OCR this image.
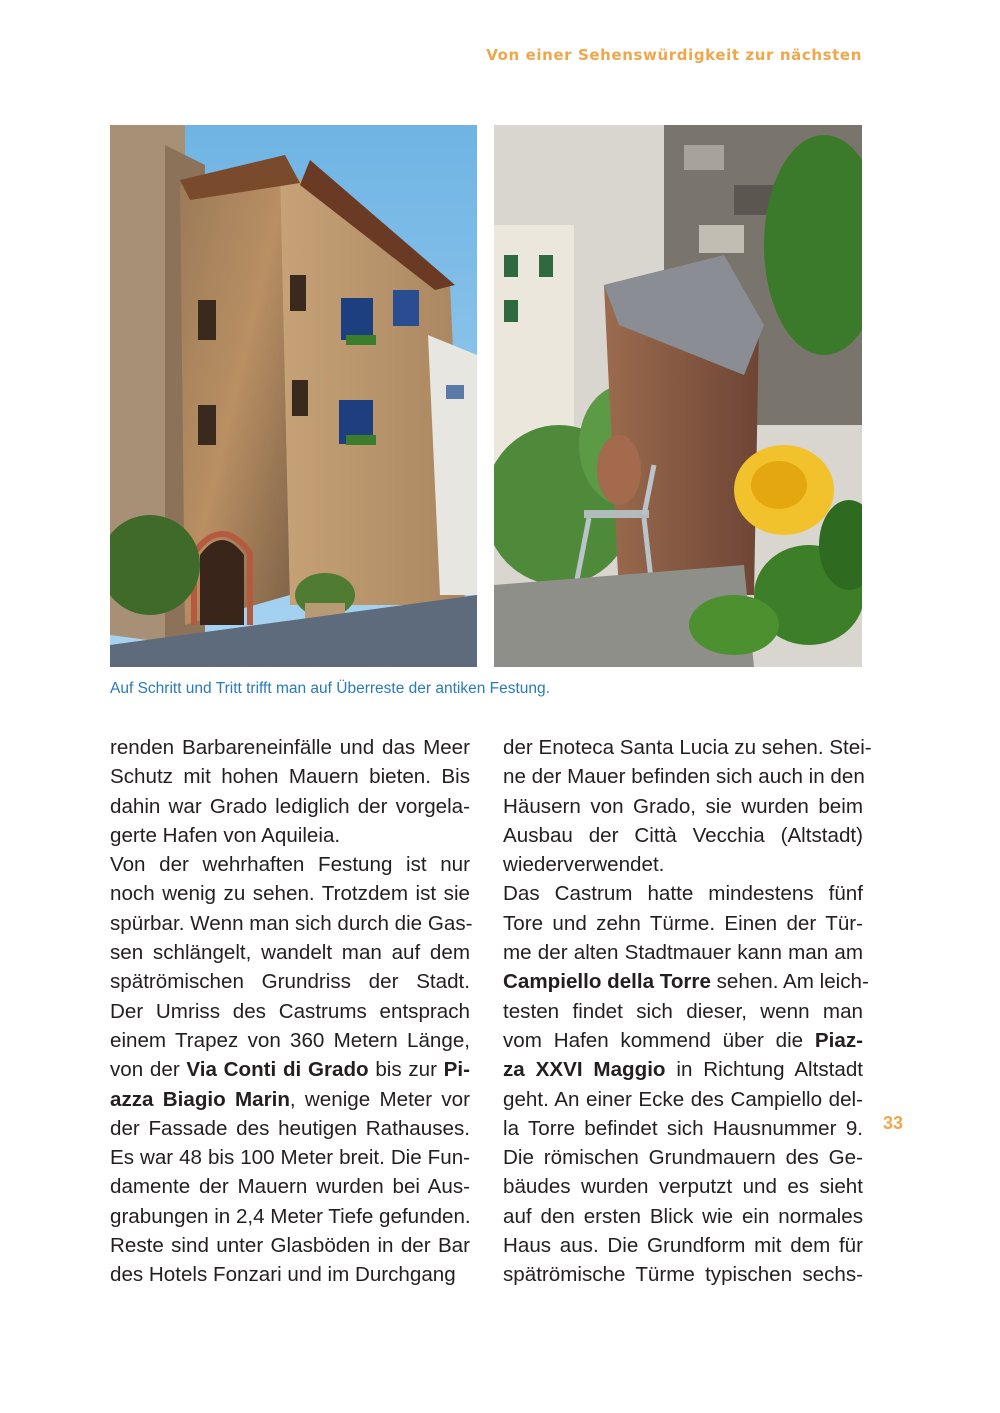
Von einer Sehenswürdigkeit zur nächsten
Auf Schritt und Tritt trifft man auf Überreste der antiken Festung.
renden Barbareneinfälle und das Meer
Schutz mit hohen Mauern bieten. Bis
dahin war Grado lediglich der vorgela-
gerte Hafen von Aquileia.
Von der wehrhaften Festung ist nur
noch wenig zu sehen. Trotzdem ist sie
spürbar. Wenn man sich durch die Gas-
sen schlängelt, wandelt man auf dem
spätrömischen Grundriss der Stadt.
Der Umriss des Castrums entsprach
einem Trapez von 360 Metern Länge,
von der Via Conti di Grado bis zur Pi-
azza Biagio Marin, wenige Meter vor
der Fassade des heutigen Rathauses.
Es war 48 bis 100 Meter breit. Die Fun-
damente der Mauern wurden bei Aus-
grabungen in 2,4 Meter Tiefe gefunden.
Reste sind unter Glasböden in der Bar
des Hotels Fonzari und im Durchgang
der Enoteca Santa Lucia zu sehen. Stei-
ne der Mauer befinden sich auch in den
Häusern von Grado, sie wurden beim
Ausbau der Città Vecchia (Altstadt)
wiederverwendet.
Das Castrum hatte mindestens fünf
Tore und zehn Türme. Einen der Tür-
me der alten Stadtmauer kann man am
Campiello della Torre sehen. Am leich-
testen findet sich dieser, wenn man
vom Hafen kommend über die Piaz-
za XXVI Maggio in Richtung Altstadt
geht. An einer Ecke des Campiello del-
la Torre befindet sich Hausnummer 9.
Die römischen Grundmauern des Ge-
bäudes wurden verputzt und es sieht
auf den ersten Blick wie ein normales
Haus aus. Die Grundform mit dem für
spätrömische Türme typischen sechs-
33
